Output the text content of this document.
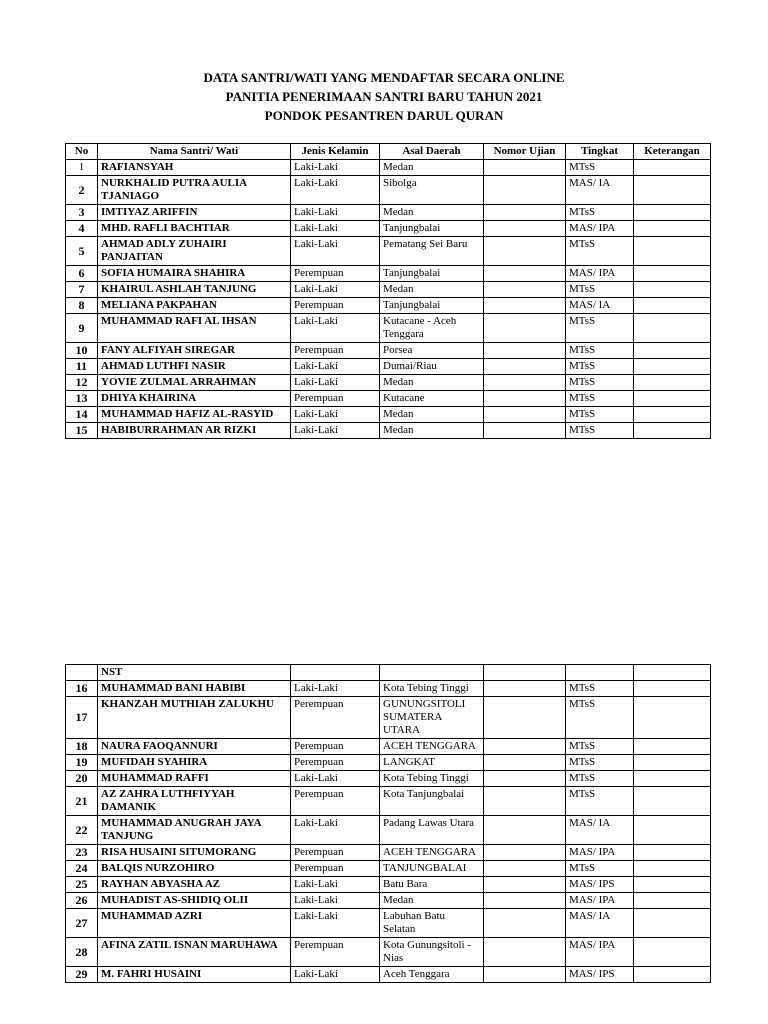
DATA SANTRI/WATI YANG MENDAFTAR SECARA ONLINE
PANITIA PENERIMAAN SANTRI BARU TAHUN 2021
PONDOK PESANTREN DARUL QURAN
No	Nama Santri/ Wati	Jenis Kelamin	Asal Daerah	Nomor Ujian	Tingkat	Keterangan
1	RAFIANSYAH	Laki-Laki	Medan		MTsS	
2	NURKHALID PUTRA AULIA TJANIAGO	Laki-Laki	Sibolga		MAS/ IA	
3	IMTIYAZ ARIFFIN	Laki-Laki	Medan		MTsS	
4	MHD. RAFLI BACHTIAR	Laki-Laki	Tanjungbalai		MAS/ IPA	
5	AHMAD ADLY ZUHAIRI PANJAITAN	Laki-Laki	Pematang Sei Baru		MTsS	
6	SOFIA HUMAIRA SHAHIRA	Perempuan	Tanjungbalai		MAS/ IPA	
7	KHAIRUL ASHLAH TANJUNG	Laki-Laki	Medan		MTsS	
8	MELIANA PAKPAHAN	Perempuan	Tanjungbalai		MAS/ IA	
9	MUHAMMAD RAFI AL IHSAN	Laki-Laki	Kutacane - Aceh Tenggara		MTsS	
10	FANY ALFIYAH SIREGAR	Perempuan	Porsea		MTsS	
11	AHMAD LUTHFI NASIR	Laki-Laki	Dumai/Riau		MTsS	
12	YOVIE ZULMAL ARRAHMAN	Laki-Laki	Medan		MTsS	
13	DHIYA KHAIRINA	Perempuan	Kutacane		MTsS	
14	MUHAMMAD HAFIZ AL-RASYID	Laki-Laki	Medan		MTsS	
15	HABIBURRAHMAN AR RIZKI	Laki-Laki	Medan		MTsS	
	NST					
16	MUHAMMAD BANI HABIBI	Laki-Laki	Kota Tebing Tinggi		MTsS	
17	KHANZAH MUTHIAH ZALUKHU	Perempuan	GUNUNGSITOLI SUMATERA UTARA		MTsS	
18	NAURA FAOQANNURI	Perempuan	ACEH TENGGARA		MTsS	
19	MUFIDAH SYAHIRA	Perempuan	LANGKAT		MTsS	
20	MUHAMMAD RAFFI	Laki-Laki	Kota Tebing Tinggi		MTsS	
21	AZ ZAHRA LUTHFIYYAH DAMANIK	Perempuan	Kota Tanjungbalai		MTsS	
22	MUHAMMAD ANUGRAH JAYA TANJUNG	Laki-Laki	Padang Lawas Utara		MAS/ IA	
23	RISA HUSAINI SITUMORANG	Perempuan	ACEH TENGGARA		MAS/ IPA	
24	BALQIS NURZOHIRO	Perempuan	TANJUNGBALAI		MTsS	
25	RAYHAN ABYASHA AZ	Laki-Laki	Batu Bara		MAS/ IPS	
26	MUHADIST AS-SHIDIQ OLII	Laki-Laki	Medan		MAS/ IPA	
27	MUHAMMAD AZRI	Laki-Laki	Labuhan Batu Selatan		MAS/ IA	
28	AFINA ZATIL ISNAN MARUHAWA	Perempuan	Kota Gunungsitoli - Nias		MAS/ IPA	
29	M. FAHRI HUSAINI	Laki-Laki	Aceh Tenggara		MAS/ IPS	
